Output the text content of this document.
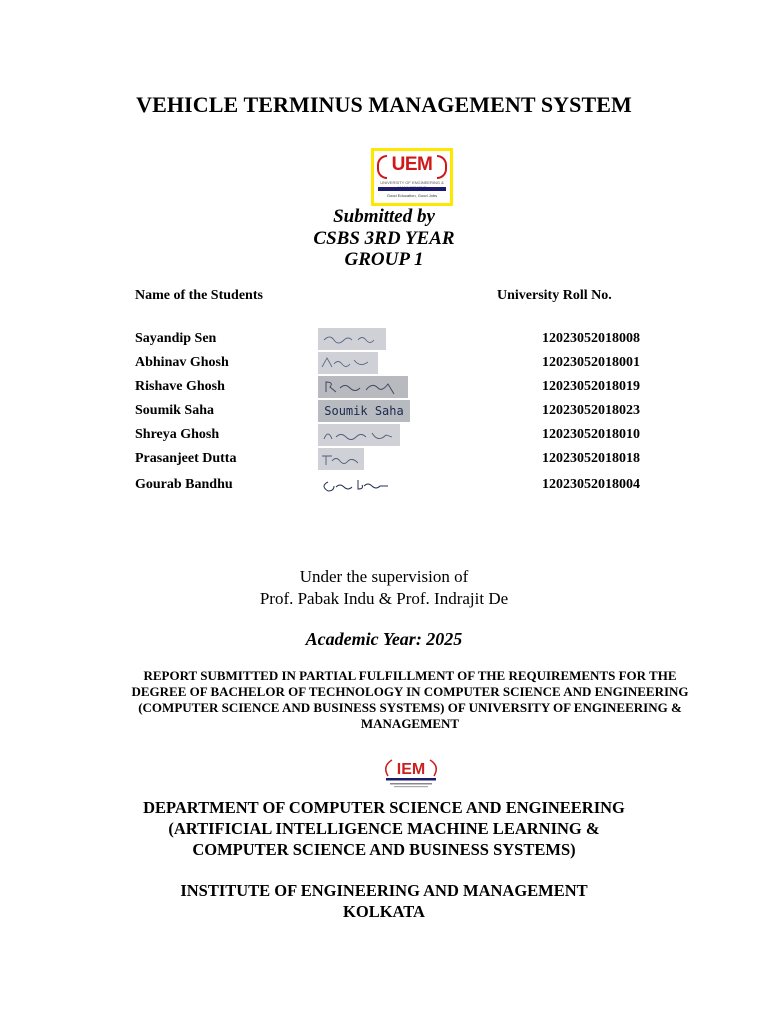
VEHICLE TERMINUS MANAGEMENT SYSTEM
UEM
UNIVERSITY OF ENGINEERING &
Good Education, Good Jobs
Submitted by
CSBS 3RD YEAR
GROUP 1
Name of the Students	University Roll No.
Sayandip Sen	12023052018008
Abhinav Ghosh	12023052018001
Rishave Ghosh	12023052018019
Soumik Saha	Soumik Saha	12023052018023
Shreya Ghosh	12023052018010
Prasanjeet Dutta	12023052018018
Gourab Bandhu	12023052018004
Under the supervision of
Prof. Pabak Indu & Prof. Indrajit De
Academic Year: 2025
REPORT SUBMITTED IN PARTIAL FULFILLMENT OF THE REQUIREMENTS FOR THE DEGREE OF BACHELOR OF TECHNOLOGY IN COMPUTER SCIENCE AND ENGINEERING (COMPUTER SCIENCE AND BUSINESS SYSTEMS) OF UNIVERSITY OF ENGINEERING & MANAGEMENT
IEM
DEPARTMENT OF COMPUTER SCIENCE AND ENGINEERING
(ARTIFICIAL INTELLIGENCE MACHINE LEARNING &
COMPUTER SCIENCE AND BUSINESS SYSTEMS)
INSTITUTE OF ENGINEERING AND MANAGEMENT
KOLKATA
